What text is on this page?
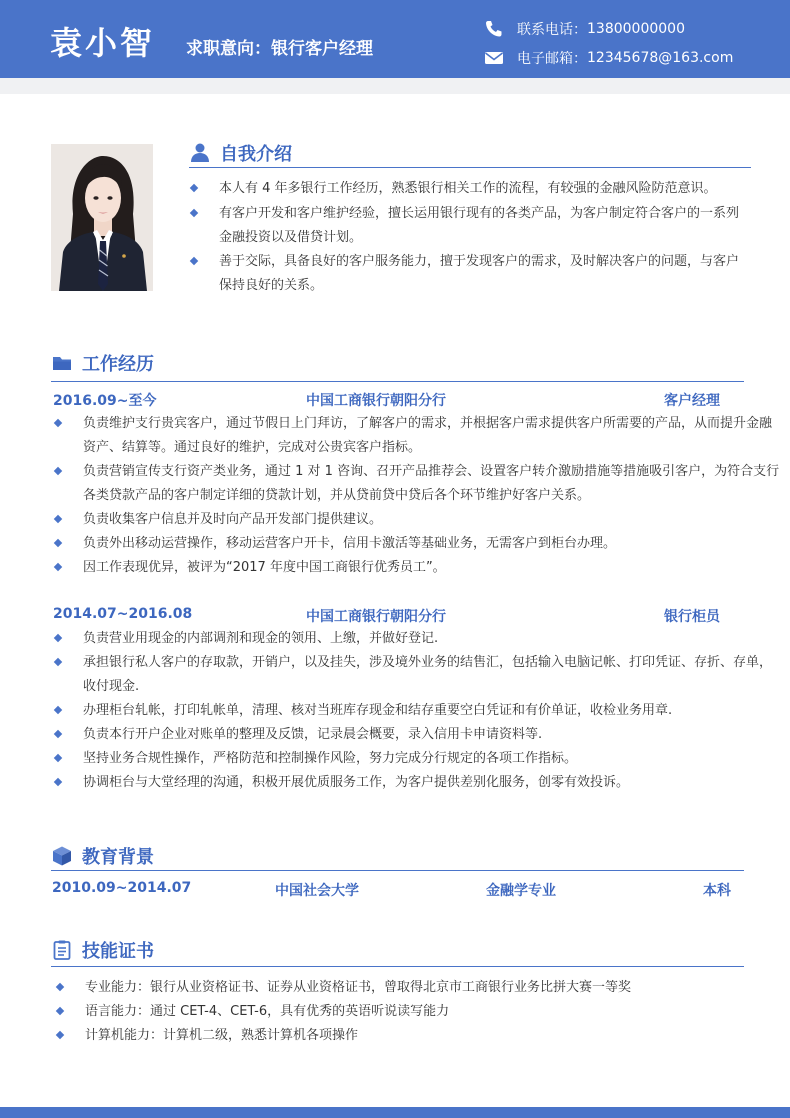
袁小智 求职意向：银行客户经理
联系电话： 13800000000
电子邮箱： 12345678@163.com
自我介绍
本人有 4 年多银行工作经历，熟悉银行相关工作的流程，有较强的金融风险防范意识。
有客户开发和客户维护经验，擅长运用银行现有的各类产品，为客户制定符合客户的一系列金融投资以及借贷计划。
善于交际，具备良好的客户服务能力，擅于发现客户的需求，及时解决客户的问题，与客户保持良好的关系。
工作经历
2016.09~至今	中国工商银行朝阳分行	客户经理
负责维护支行贵宾客户，通过节假日上门拜访，了解客户的需求，并根据客户需求提供客户所需要的产品，从而提升金融资产、结算等。通过良好的维护，完成对公贵宾客户指标。
负责营销宣传支行资产类业务，通过 1 对 1 咨询、召开产品推荐会、设置客户转介激励措施等措施吸引客户，为符合支行各类贷款产品的客户制定详细的贷款计划，并从贷前贷中贷后各个环节维护好客户关系。
负责收集客户信息并及时向产品开发部门提供建议。
负责外出移动运营操作，移动运营客户开卡，信用卡激活等基础业务，无需客户到柜台办理。
因工作表现优异，被评为“2017 年度中国工商银行优秀员工”。
2014.07~2016.08	中国工商银行朝阳分行	银行柜员
负责营业用现金的内部调剂和现金的领用、上缴，并做好登记.
承担银行私人客户的存取款，开销户，以及挂失，涉及境外业务的结售汇，包括输入电脑记帐、打印凭证、存折、存单，收付现金.
办理柜台轧帐，打印轧帐单，清理、核对当班库存现金和结存重要空白凭证和有价单证，收检业务用章.
负责本行开户企业对账单的整理及反馈，记录晨会概要，录入信用卡申请资料等.
坚持业务合规性操作，严格防范和控制操作风险，努力完成分行规定的各项工作指标。
协调柜台与大堂经理的沟通，积极开展优质服务工作，为客户提供差别化服务，创零有效投诉。
教育背景
2010.09~2014.07	中国社会大学	金融学专业	本科
技能证书
专业能力：银行从业资格证书、证券从业资格证书，曾取得北京市工商银行业务比拼大赛一等奖
语言能力：通过 CET-4、CET-6，具有优秀的英语听说读写能力
计算机能力：计算机二级，熟悉计算机各项操作
